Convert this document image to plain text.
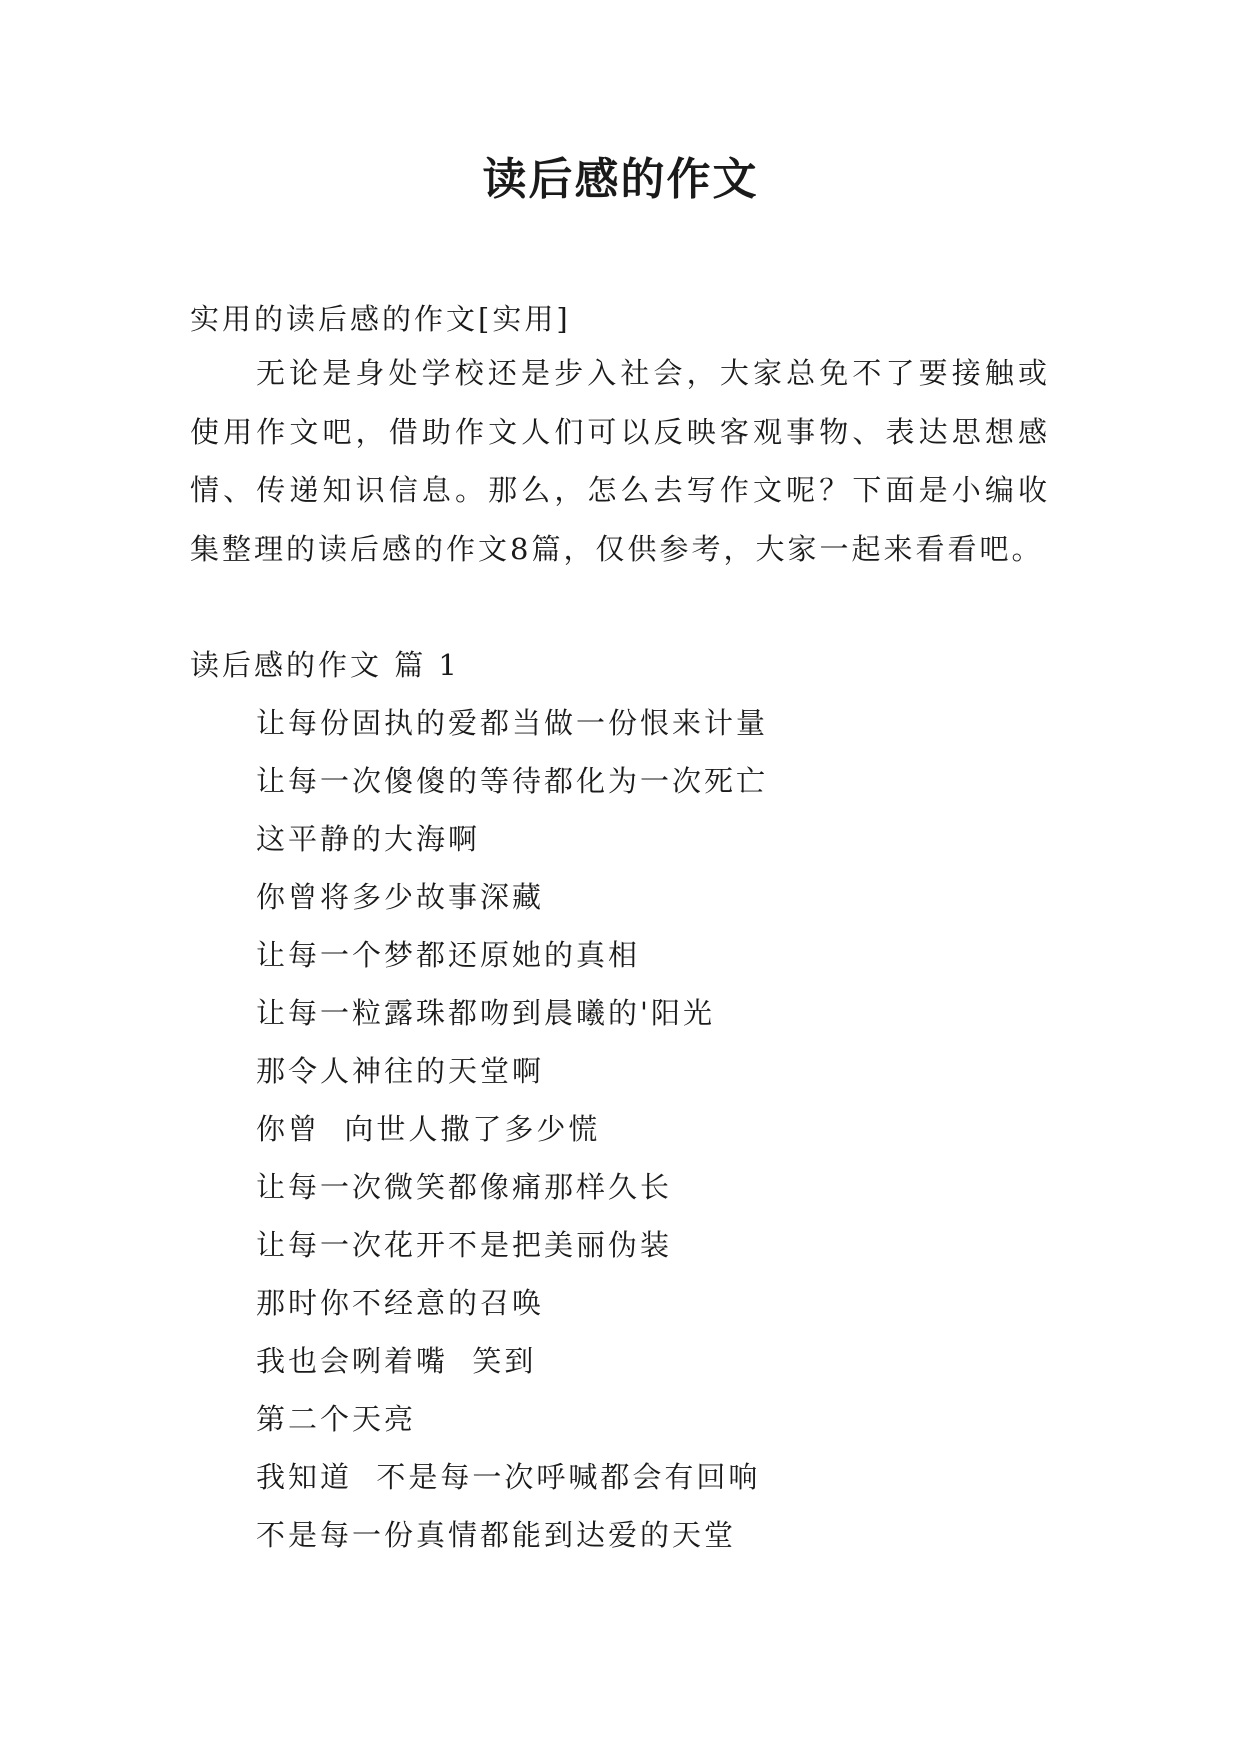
读后感的作文

实用的读后感的作文[实用]

无论是身处学校还是步入社会，大家总免不了要接触或使用作文吧，借助作文人们可以反映客观事物、表达思想感情、传递知识信息。那么，怎么去写作文呢？下面是小编收集整理的读后感的作文8篇，仅供参考，大家一起来看看吧。

读后感的作文 篇 1

让每份固执的爱都当做一份恨来计量
让每一次傻傻的等待都化为一次死亡
这平静的大海啊
你曾将多少故事深藏
让每一个梦都还原她的真相
让每一粒露珠都吻到晨曦的'阳光
那令人神往的天堂啊
你曾  向世人撒了多少慌
让每一次微笑都像痛那样久长
让每一次花开不是把美丽伪装
那时你不经意的召唤
我也会咧着嘴  笑到
第二个天亮
我知道  不是每一次呼喊都会有回响
不是每一份真情都能到达爱的天堂
